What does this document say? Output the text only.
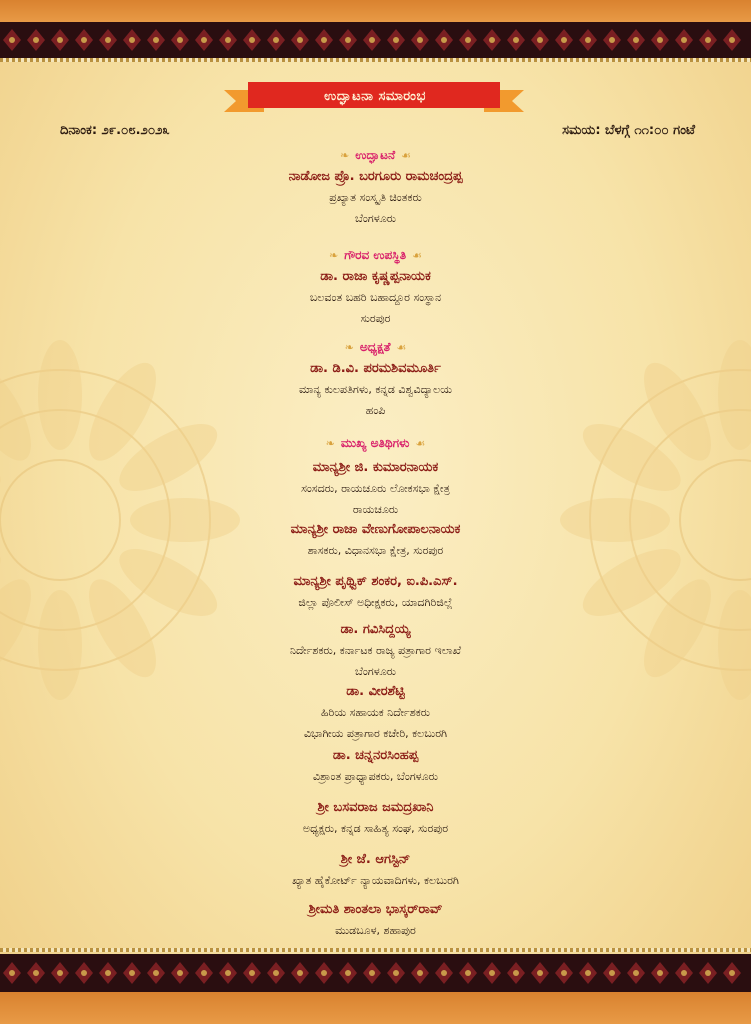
ಉದ್ಘಾಟನಾ ಸಮಾರಂಭ
ದಿನಾಂಕ: ೨೯.೦೮.೨೦೨೩	ಸಮಯ: ಬೆಳಗ್ಗೆ ೧೧:೦೦ ಗಂಟೆ
❧ ಉದ್ಘಾಟನೆ ☙
ನಾಡೋಜ ಪ್ರೊ. ಬರಗೂರು ರಾಮಚಂದ್ರಪ್ಪ
ಪ್ರಖ್ಯಾತ ಸಂಸ್ಕೃತಿ ಚಿಂತಕರು
ಬೆಂಗಳೂರು
❧ ಗೌರವ ಉಪಸ್ಥಿತಿ ☙
ಡಾ. ರಾಜಾ ಕೃಷ್ಣಪ್ಪನಾಯಕ
ಬಲವಂತ ಬಹರಿ ಬಹಾದ್ದೂರ ಸಂಸ್ಥಾನ
ಸುರಪುರ
❧ ಅಧ್ಯಕ್ಷತೆ ☙
ಡಾ. ಡಿ.ವಿ. ಪರಮಶಿವಮೂರ್ತಿ
ಮಾನ್ಯ ಕುಲಪತಿಗಳು, ಕನ್ನಡ ವಿಶ್ವವಿದ್ಯಾಲಯ
ಹಂಪಿ
❧ ಮುಖ್ಯ ಅತಿಥಿಗಳು ☙
ಮಾನ್ಯಶ್ರೀ ಜಿ. ಕುಮಾರನಾಯಕ
ಸಂಸದರು, ರಾಯಚೂರು ಲೋಕಸಭಾ ಕ್ಷೇತ್ರ
ರಾಯಚೂರು
ಮಾನ್ಯಶ್ರೀ ರಾಜಾ ವೇಣುಗೋಪಾಲನಾಯಕ
ಶಾಸಕರು, ವಿಧಾನಸಭಾ ಕ್ಷೇತ್ರ, ಸುರಪುರ
ಮಾನ್ಯಶ್ರೀ ಪೃಥ್ವಿಕ್ ಶಂಕರ, ಐ.ಪಿ.ಎಸ್.
ಜಿಲ್ಲಾ ಪೊಲೀಸ್ ಅಧೀಕ್ಷಕರು, ಯಾದಗಿರಿಜಿಲ್ಲೆ
ಡಾ. ಗವಿಸಿದ್ದಯ್ಯ
ನಿರ್ದೇಶಕರು, ಕರ್ನಾಟಕ ರಾಜ್ಯ ಪತ್ರಾಗಾರ ಇಲಾಖೆ
ಬೆಂಗಳೂರು
ಡಾ. ವೀರಶೆಟ್ಟಿ
ಹಿರಿಯ ಸಹಾಯಕ ನಿರ್ದೇಶಕರು
ವಿಭಾಗೀಯ ಪತ್ರಾಗಾರ ಕಚೇರಿ, ಕಲಬುರಗಿ
ಡಾ. ಚನ್ನನರಸಿಂಹಪ್ಪ
ವಿಶ್ರಾಂತ ಪ್ರಾಧ್ಯಾಪಕರು, ಬೆಂಗಳೂರು
ಶ್ರೀ ಬಸವರಾಜ ಜಮದ್ರಖಾನಿ
ಅಧ್ಯಕ್ಷರು, ಕನ್ನಡ ಸಾಹಿತ್ಯ ಸಂಘ, ಸುರಪುರ
ಶ್ರೀ ಜೆ. ಆಗಸ್ಟಿನ್
ಖ್ಯಾತ ಹೈಕೋರ್ಟ್ ನ್ಯಾಯವಾದಿಗಳು, ಕಲಬುರಗಿ
ಶ್ರೀಮತಿ ಶಾಂತಲಾ ಭಾಸ್ಕರ್‌ರಾವ್
ಮುಡಬೂಳ, ಶಹಾಪುರ
